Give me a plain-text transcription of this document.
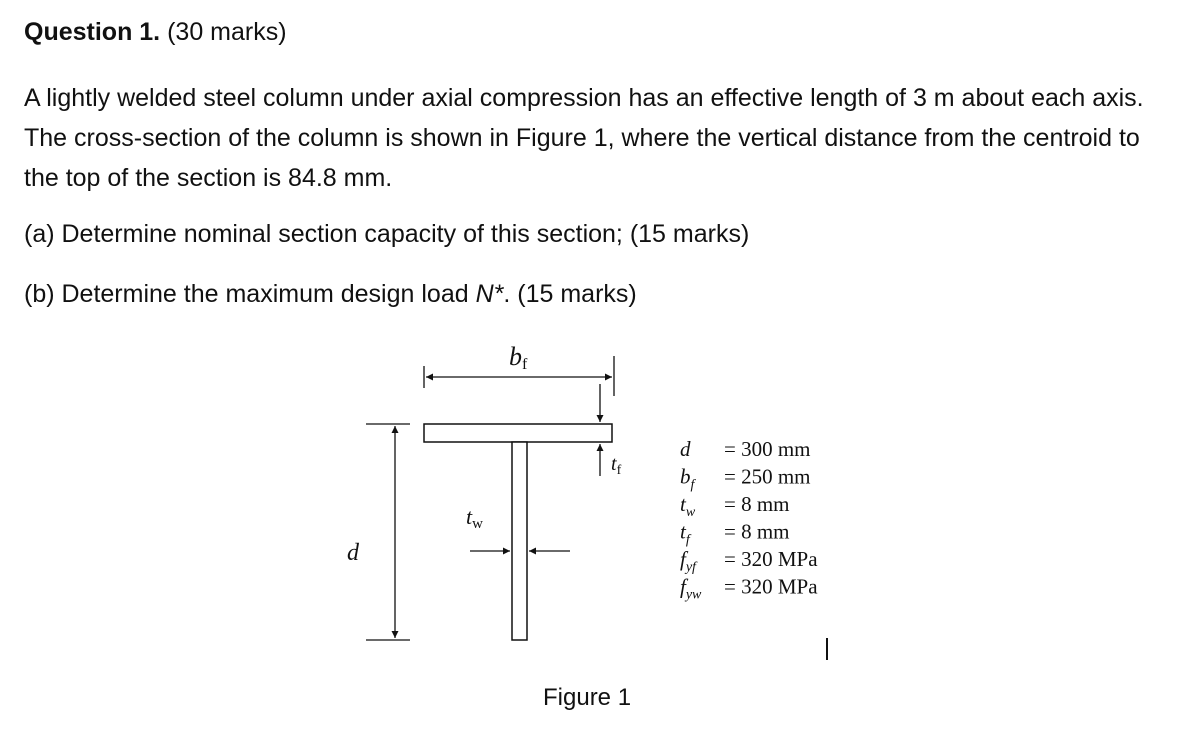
Question 1. (30 marks)
A lightly welded steel column under axial compression has an effective length of 3 m about each axis. The cross-section of the column is shown in Figure 1, where the vertical distance from the centroid to the top of the section is 84.8 mm.
(a) Determine nominal section capacity of this section; (15 marks)
(b) Determine the maximum design load N*. (15 marks)
bf
$t_f$
tw
d
d = 300 mm
$b_f = 250$ mm
$t_w = 8$ mm
$t_f = 8$ mm
$f_{yf} = 320$ MPa
$f_{yw} = 320$ MPa
Figure 1
